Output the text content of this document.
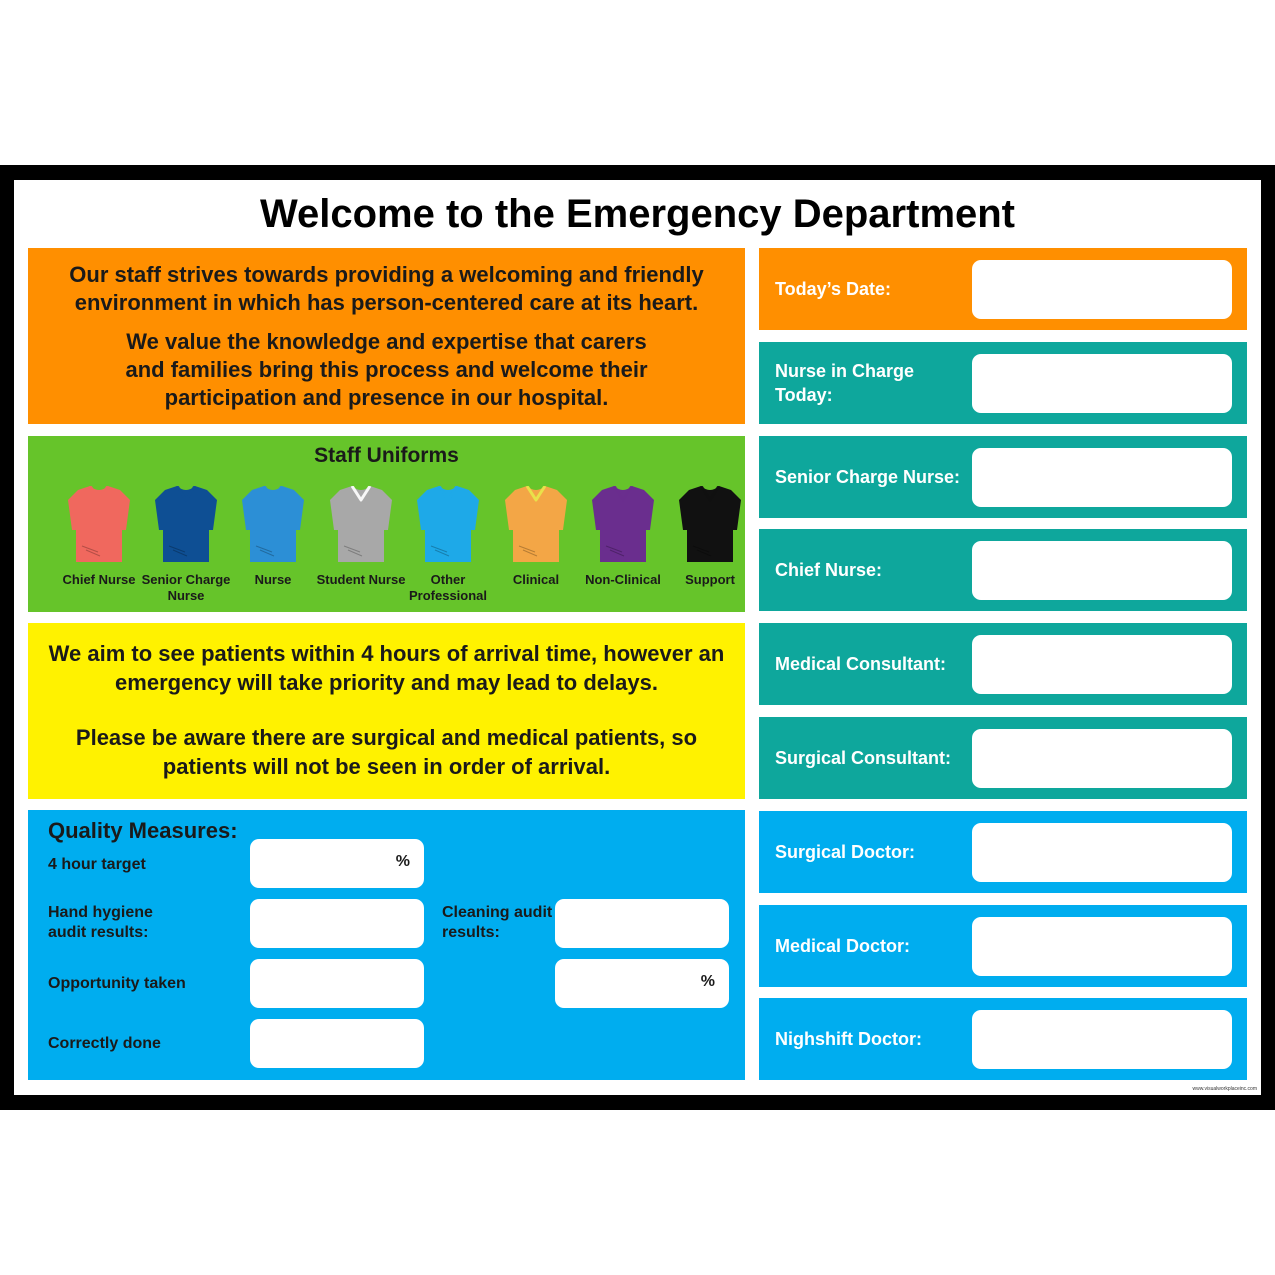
Welcome to the Emergency Department

Our staff strives towards providing a welcoming and friendly environment in which has person-centered care at its heart.

We value the knowledge and expertise that carers and families bring this process and welcome their participation and presence in our hospital.

Staff Uniforms
Chief Nurse Senior Charge Nurse
Nurse	Student Nurse	Other Professional
Clinical	Non-Clinical	Support

We aim to see patients within 4 hours of arrival time, however an emergency will take priority and may lead to delays.

Please be aware there are surgical and medical patients, so patients will not be seen in order of arrival.

Quality Measures:
4 hour target	%
Hand hygiene audit results:
Cleaning audit results:
Opportunity taken	%
Correctly done
Today’s Date:
Nurse in Charge Today:
Senior Charge Nurse:
Chief Nurse:
Medical Consultant:
Surgical Consultant:
Surgical Doctor:
Medical Doctor:
Nighshift Doctor:
www.visualworkplaceinc.com
